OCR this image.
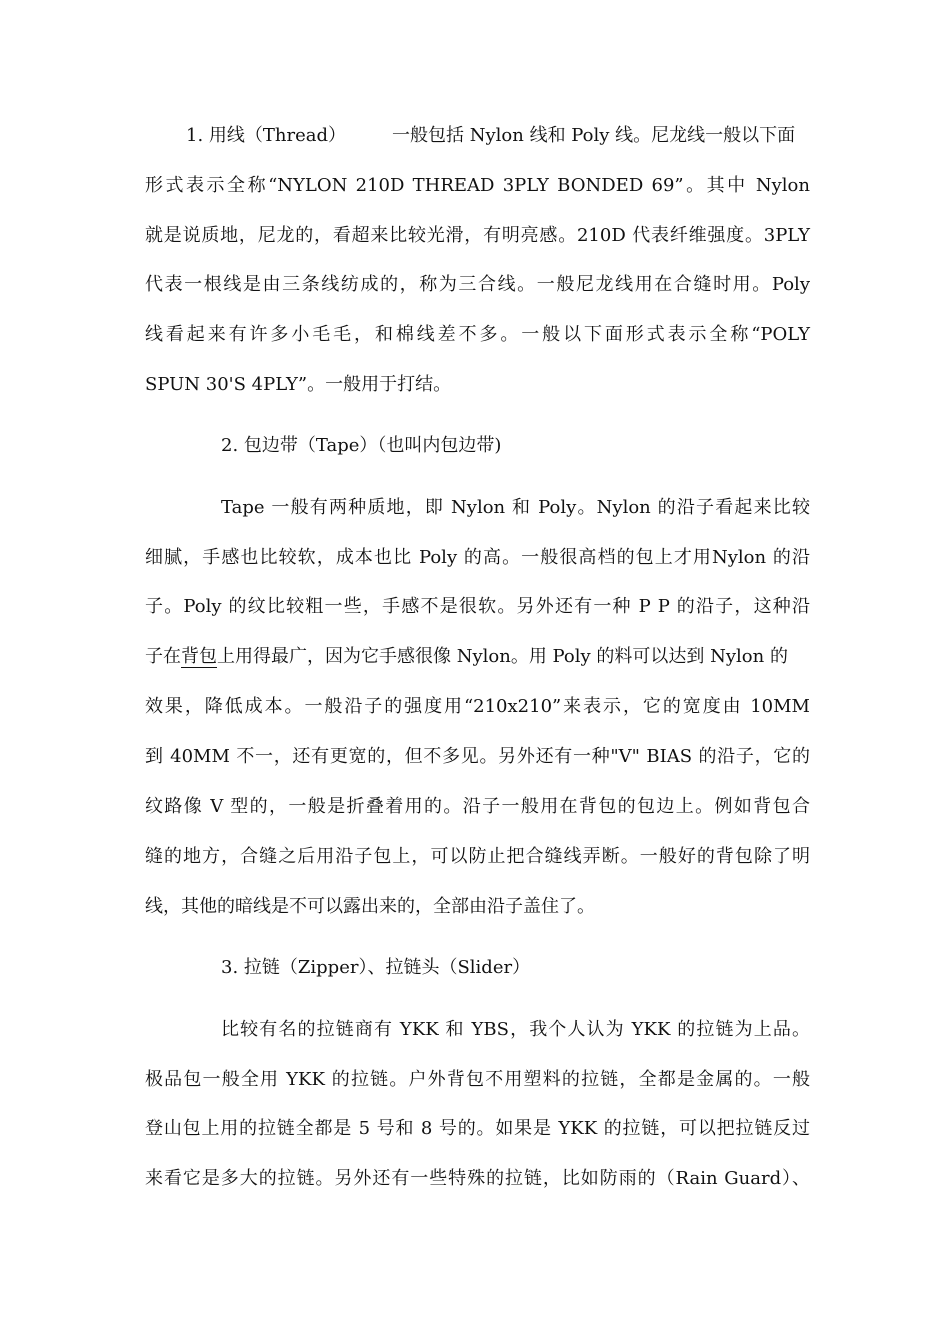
1. 用线（Thread）	一般包括 Nylon 线和 Poly 线。尼龙线一般以下面
形式表示全称“NYLON 210D THREAD 3PLY BONDED 69”。其中 Nylon
就是说质地，尼龙的，看超来比较光滑，有明亮感。210D 代表纤维强度。3PLY
代表一根线是由三条线纺成的，称为三合线。一般尼龙线用在合缝时用。Poly
线看起来有许多小毛毛，和棉线差不多。一般以下面形式表示全称“POLY
SPUN 30'S 4PLY”。一般用于打结。
2. 包边带（Tape）（也叫内包边带)
Tape 一般有两种质地，即 Nylon 和 Poly。Nylon 的沿子看起来比较
细腻，手感也比较软，成本也比 Poly 的高。一般很高档的包上才用Nylon 的沿
子。Poly 的纹比较粗一些，手感不是很软。另外还有一种 P P 的沿子，这种沿
子在背包上用得最广，因为它手感很像 Nylon。用 Poly 的料可以达到 Nylon 的
效果，降低成本。一般沿子的强度用“210x210”来表示，它的宽度由 10MM
到 40MM 不一，还有更宽的，但不多见。另外还有一种"V" BIAS 的沿子，它的
纹路像 V 型的，一般是折叠着用的。沿子一般用在背包的包边上。例如背包合
缝的地方，合缝之后用沿子包上，可以防止把合缝线弄断。一般好的背包除了明
线，其他的暗线是不可以露出来的，全部由沿子盖住了。
3. 拉链（Zipper）、拉链头（Slider）
比较有名的拉链商有 YKK 和 YBS，我个人认为 YKK 的拉链为上品。
极品包一般全用 YKK 的拉链。户外背包不用塑料的拉链，全都是金属的。一般
登山包上用的拉链全都是 5 号和 8 号的。如果是 YKK 的拉链，可以把拉链反过
来看它是多大的拉链。另外还有一些特殊的拉链，比如防雨的（Rain Guard）、
